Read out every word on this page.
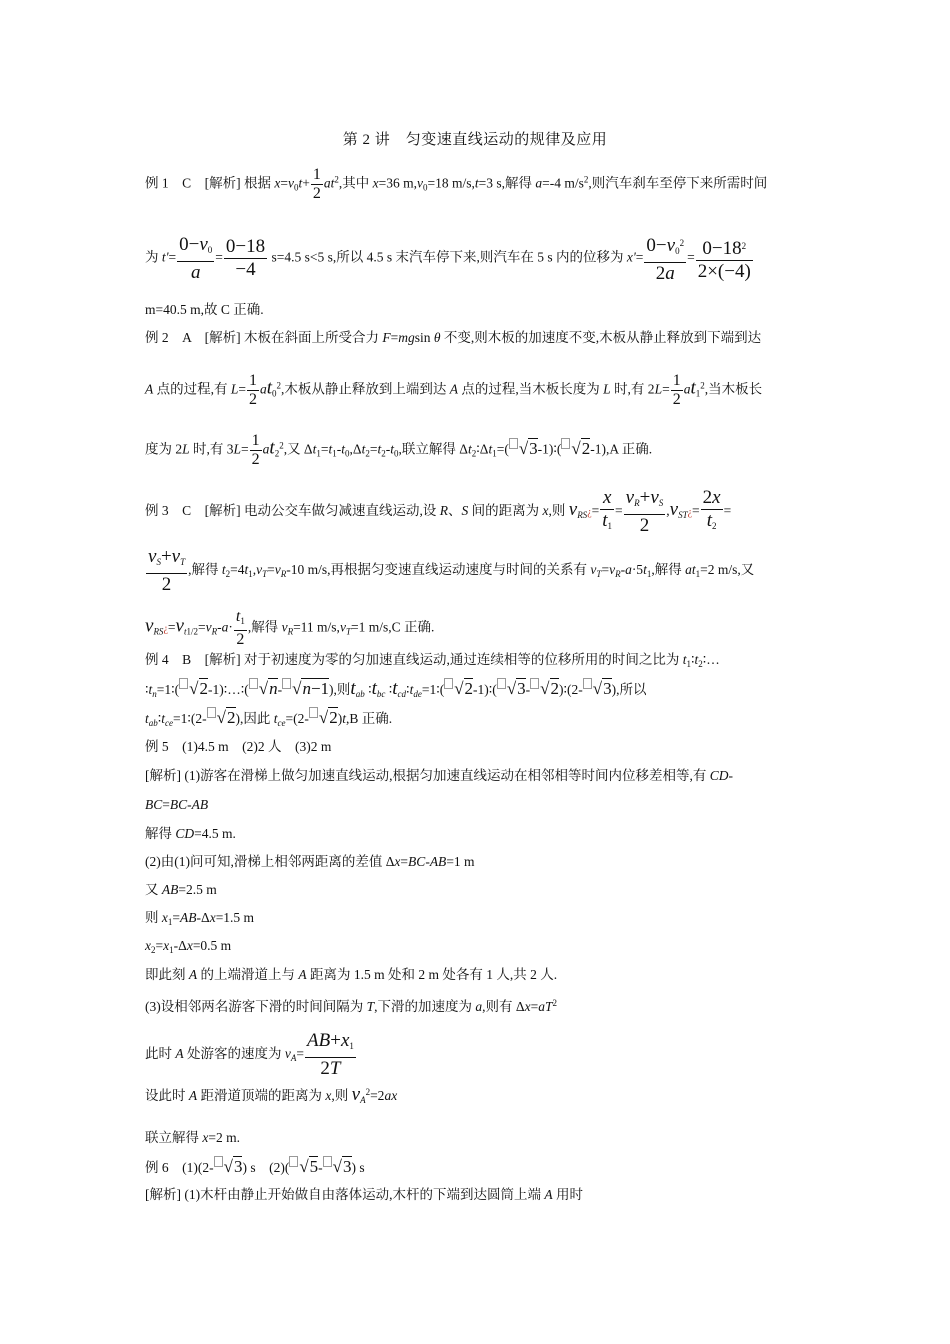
第 2 讲　匀变速直线运动的规律及应用
例 1　C　[解析] 根据 $x=v_0t+ \frac{1}{2} at^2$,其中 x=36 $m,v_0=18$ m/s,t=3 s,解得 a=-4 $m/s^2$,则汽车刹车至停下来所需时间
为 $t'= \frac{0-v_0}{a} = \frac{0-18}{-4} s=4.5$ s<5 s,所以 4.5 s 末汽车停下来,则汽车在 5 s 内的位移为 $x'= \frac{0-v_0^2}{2a} = \frac{0-18^2}{2\times(-4)}$
m=40.5 m,故 C 正确.
例 2　A　[解析] 木板在斜面上所受合力 F=mgsin θ 不变,则木板的加速度不变,木板从静止释放到下端到达
A 点的过程,有 $L= \frac{1}{2} at_0^2$,木板从静止释放到上端到达 A 点的过程,当木板长度为 L 时,有 $2L= \frac{1}{2} at_1^2$,当木板长
度为 2L 时,有 $3L= \frac{1}{2} at_2^2$,又 $\Delta t_1=t_1-t_0,\Delta t_2=t_2-t_0$,联立解得 $\Delta t_2∶\Delta t_1=$( √3-1)∶( √2-1),A 正确.
例 3　C　[解析] 电动公交车做匀减速直线运动,设 R、S 间的距离为 x,则 $v_{RS}¿= \frac{x}{t_1} = \frac{v_R+v_S}{2}$ $,v_{ST}¿= \frac{2x}{t_2}$ =
$\frac{v_S+v_T}{2}$ ,解得 $t_2=4t_1,v_T=v_R-10$ m/s,再根据匀变速直线运动速度与时间的关系有 $v_T=v_R-a\cdot 5t_1$,解得 $at_1=2$ m/s,又
$v_{RS}¿=v_{t1/2}=v_R-a\cdot \frac{t_1}{2}$ ,解得 $v_R=11$ $m/s,v_T=1$ m/s,C 正确.
例 4　B　[解析] 对于初速度为零的匀加速直线运动,通过连续相等的位移所用的时间之比为 $t_1∶t_2∶\dots$
$∶t_n=1∶$( √2-1)∶…∶( √n- √n−1),则$t_{ab}$ $∶t_{bc}$ $∶t_{cd}∶t_{de}=1∶$( √2-1)∶( √3- √2)∶(2- √3),所以
$t_{ab}∶t_{ce}=1∶(2-$ √2),因此 $t_{ce}=(2-$ √2)t,B 正确.
例 5　(1)4.5 m　(2)2 人　(3)2 m
[解析] (1)游客在滑梯上做匀加速直线运动,根据匀加速直线运动在相邻相等时间内位移差相等,有 CD-
BC=BC-AB
解得 CD=4.5 m.
(2)由(1)问可知,滑梯上相邻两距离的差值 Δx=BC-AB=1 m
又 AB=2.5 m
则 $x_1=AB-\Delta x=1.5$ m
$x_2=x_1-\Delta x=0.5$ m
即此刻 A 的上端滑道上与 A 距离为 1.5 m 处和 2 m 处各有 1 人,共 2 人.
(3)设相邻两名游客下滑的时间间隔为 T,下滑的加速度为 a,则有 $\Delta x=aT^2$
此时 A 处游客的速度为 $v_A= \frac{AB+x_1}{2T}$
设此时 A 距滑道顶端的距离为 x,则 $v_A^2=2ax$
联立解得 x=2 m.
例 6　(1)(2- √3) s　(2)( √5- √3) s
[解析] (1)木杆由静止开始做自由落体运动,木杆的下端到达圆筒上端 A 用时
